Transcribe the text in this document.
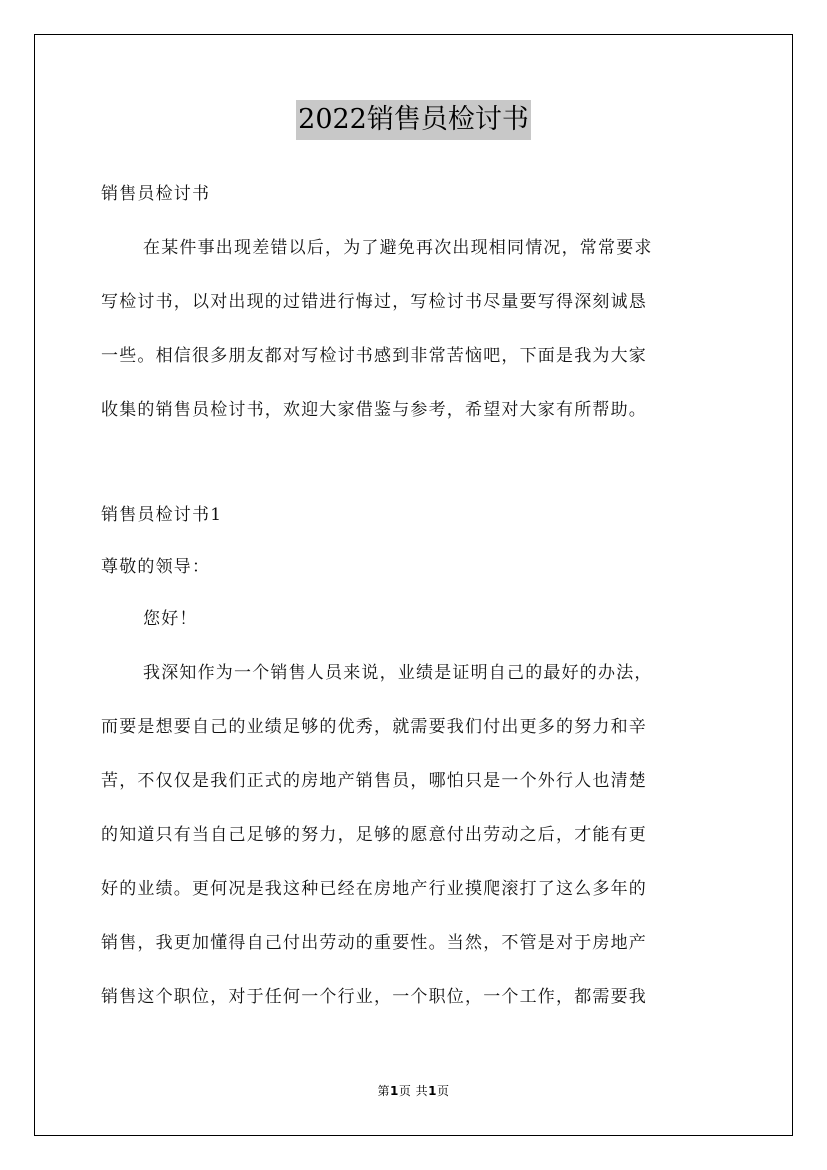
2022销售员检讨书
销售员检讨书
在某件事出现差错以后，为了避免再次出现相同情况，常常要求
写检讨书，以对出现的过错进行悔过，写检讨书尽量要写得深刻诚恳
一些。相信很多朋友都对写检讨书感到非常苦恼吧，下面是我为大家
收集的销售员检讨书，欢迎大家借鉴与参考，希望对大家有所帮助。
销售员检讨书1
尊敬的领导：
您好！
我深知作为一个销售人员来说，业绩是证明自己的最好的办法，
而要是想要自己的业绩足够的优秀，就需要我们付出更多的努力和辛
苦，不仅仅是我们正式的房地产销售员，哪怕只是一个外行人也清楚
的知道只有当自己足够的努力，足够的愿意付出劳动之后，才能有更
好的业绩。更何况是我这种已经在房地产行业摸爬滚打了这么多年的
销售，我更加懂得自己付出劳动的重要性。当然，不管是对于房地产
销售这个职位，对于任何一个行业，一个职位，一个工作，都需要我
第1页 共1页
